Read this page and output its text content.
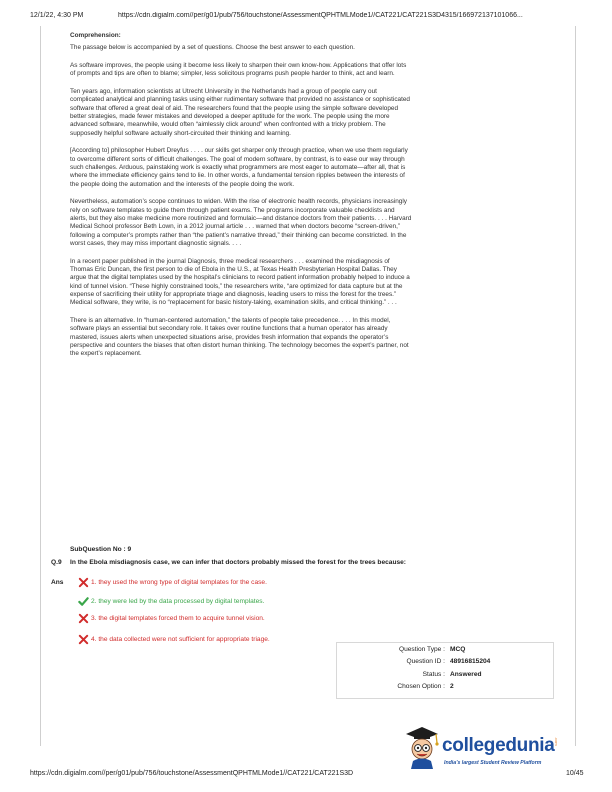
12/1/22, 4:30 PM	https://cdn.digialm.com//per/g01/pub/756/touchstone/AssessmentQPHTMLMode1//CAT221/CAT221S3D4315/166972137101066...
Comprehension:

The passage below is accompanied by a set of questions. Choose the best answer to each question.

As software improves, the people using it become less likely to sharpen their own know-how. Applications that offer lots of prompts and tips are often to blame; simpler, less solicitous programs push people harder to think, act and learn.

Ten years ago, information scientists at Utrecht University in the Netherlands had a group of people carry out complicated analytical and planning tasks using either rudimentary software that provided no assistance or sophisticated software that offered a great deal of aid. The researchers found that the people using the simple software developed better strategies, made fewer mistakes and developed a deeper aptitude for the work. The people using the more advanced software, meanwhile, would often “aimlessly click around” when confronted with a tricky problem. The supposedly helpful software actually short-circuited their thinking and learning.

[According to] philosopher Hubert Dreyfus . . . . our skills get sharper only through practice, when we use them regularly to overcome different sorts of difficult challenges. The goal of modern software, by contrast, is to ease our way through such challenges. Arduous, painstaking work is exactly what programmers are most eager to automate—after all, that is where the immediate efficiency gains tend to lie. In other words, a fundamental tension ripples between the interests of the people doing the automation and the interests of the people doing the work.

Nevertheless, automation’s scope continues to widen. With the rise of electronic health records, physicians increasingly rely on software templates to guide them through patient exams. The programs incorporate valuable checklists and alerts, but they also make medicine more routinized and formulaic—and distance doctors from their patients. . . . Harvard Medical School professor Beth Lown, in a 2012 journal article . . . warned that when doctors become “screen-driven,” following a computer’s prompts rather than “the patient’s narrative thread,” their thinking can become constricted. In the worst cases, they may miss important diagnostic signals. . . .

In a recent paper published in the journal Diagnosis, three medical researchers . . . examined the misdiagnosis of Thomas Eric Duncan, the first person to die of Ebola in the U.S., at Texas Health Presbyterian Hospital Dallas. They argue that the digital templates used by the hospital’s clinicians to record patient information probably helped to induce a kind of tunnel vision. “These highly constrained tools,” the researchers write, “are optimized for data capture but at the expense of sacrificing their utility for appropriate triage and diagnosis, leading users to miss the forest for the trees.” Medical software, they write, is no “replacement for basic history-taking, examination skills, and critical thinking.” . . .

There is an alternative. In “human-centered automation,” the talents of people take precedence. . . . In this model, software plays an essential but secondary role. It takes over routine functions that a human operator has already mastered, issues alerts when unexpected situations arise, provides fresh information that expands the operator’s perspective and counters the biases that often distort human thinking. The technology becomes the expert’s partner, not the expert’s replacement.

SubQuestion No : 9
Q.9 In the Ebola misdiagnosis case, we can infer that doctors probably missed the forest for the trees because:
Ans	1. they used the wrong type of digital templates for the case.
2. they were led by the data processed by digital templates.
3. the digital templates forced them to acquire tunnel vision.
4. the data collected were not sufficient for appropriate triage.
Question Type : MCQ
Question ID : 48916815204
Status : Answered
Chosen Option : 2
collegedunia .com
India’s largest Student Review Platform
https://cdn.digialm.com//per/g01/pub/756/touchstone/AssessmentQPHTMLMode1//CAT221/CAT221S3D	10/45
